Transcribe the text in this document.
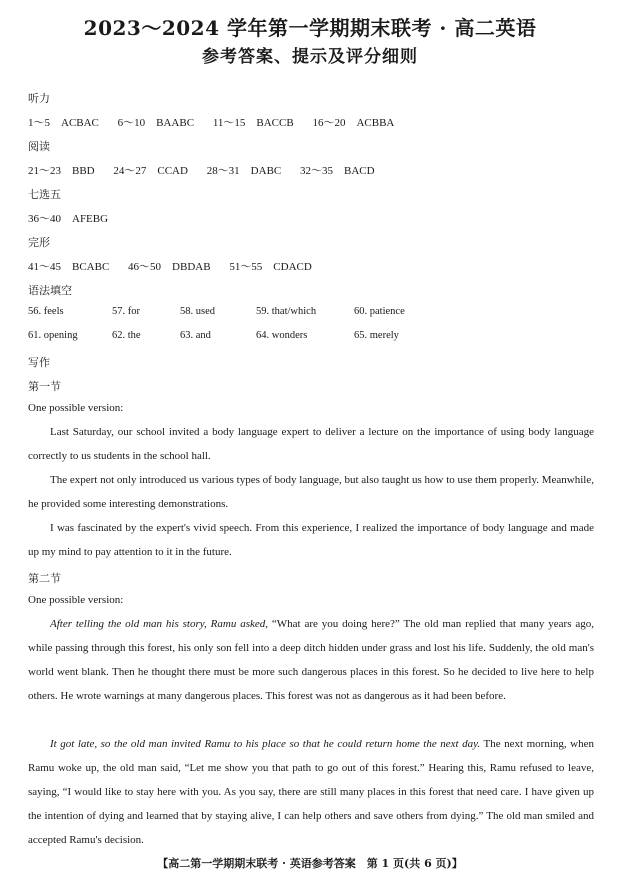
2023～2024 学年第一学期期末联考 · 高二英语
参考答案、提示及评分细则
听力
1～5　ACBAC 6～10　BAABC 11～15　BACCB 16～20　ACBBA
阅读
21～23　BBD 24～27　CCAD 28～31　DABC 32～35　BACD
七选五
36～40　AFEBG
完形
41～45　BCABC 46～50　DBDAB 51～55　CDACD
语法填空
56. feels	57. for	58. used	59. that/which	60. patience
61. opening	62. the	63. and	64. wonders	65. merely
写作
第一节
One possible version:
Last Saturday, our school invited a body language expert to deliver a lecture on the importance of using body language correctly to us students in the school hall.
The expert not only introduced us various types of body language, but also taught us how to use them properly. Meanwhile, he provided some interesting demonstrations.
I was fascinated by the expert's vivid speech. From this experience, I realized the importance of body language and made up my mind to pay attention to it in the future.
第二节
One possible version:
After telling the old man his story, Ramu asked, “What are you doing here?” The old man replied that many years ago, while passing through this forest, his only son fell into a deep ditch hidden under grass and lost his life. Suddenly, the old man's world went blank. Then he thought there must be more such dangerous places in this forest. So he decided to live here to help others. He wrote warnings at many dangerous places. This forest was not as dangerous as it had been before.
It got late, so the old man invited Ramu to his place so that he could return home the next day. The next morning, when Ramu woke up, the old man said, “Let me show you that path to go out of this forest.” Hearing this, Ramu refused to leave, saying, “I would like to stay here with you. As you say, there are still many places in this forest that need care. I have given up the intention of dying and learned that by staying alive, I can help others and save others from dying.” The old man smiled and accepted Ramu's decision.
【高二第一学期期末联考 · 英语参考答案　第 1 页(共 6 页)】
